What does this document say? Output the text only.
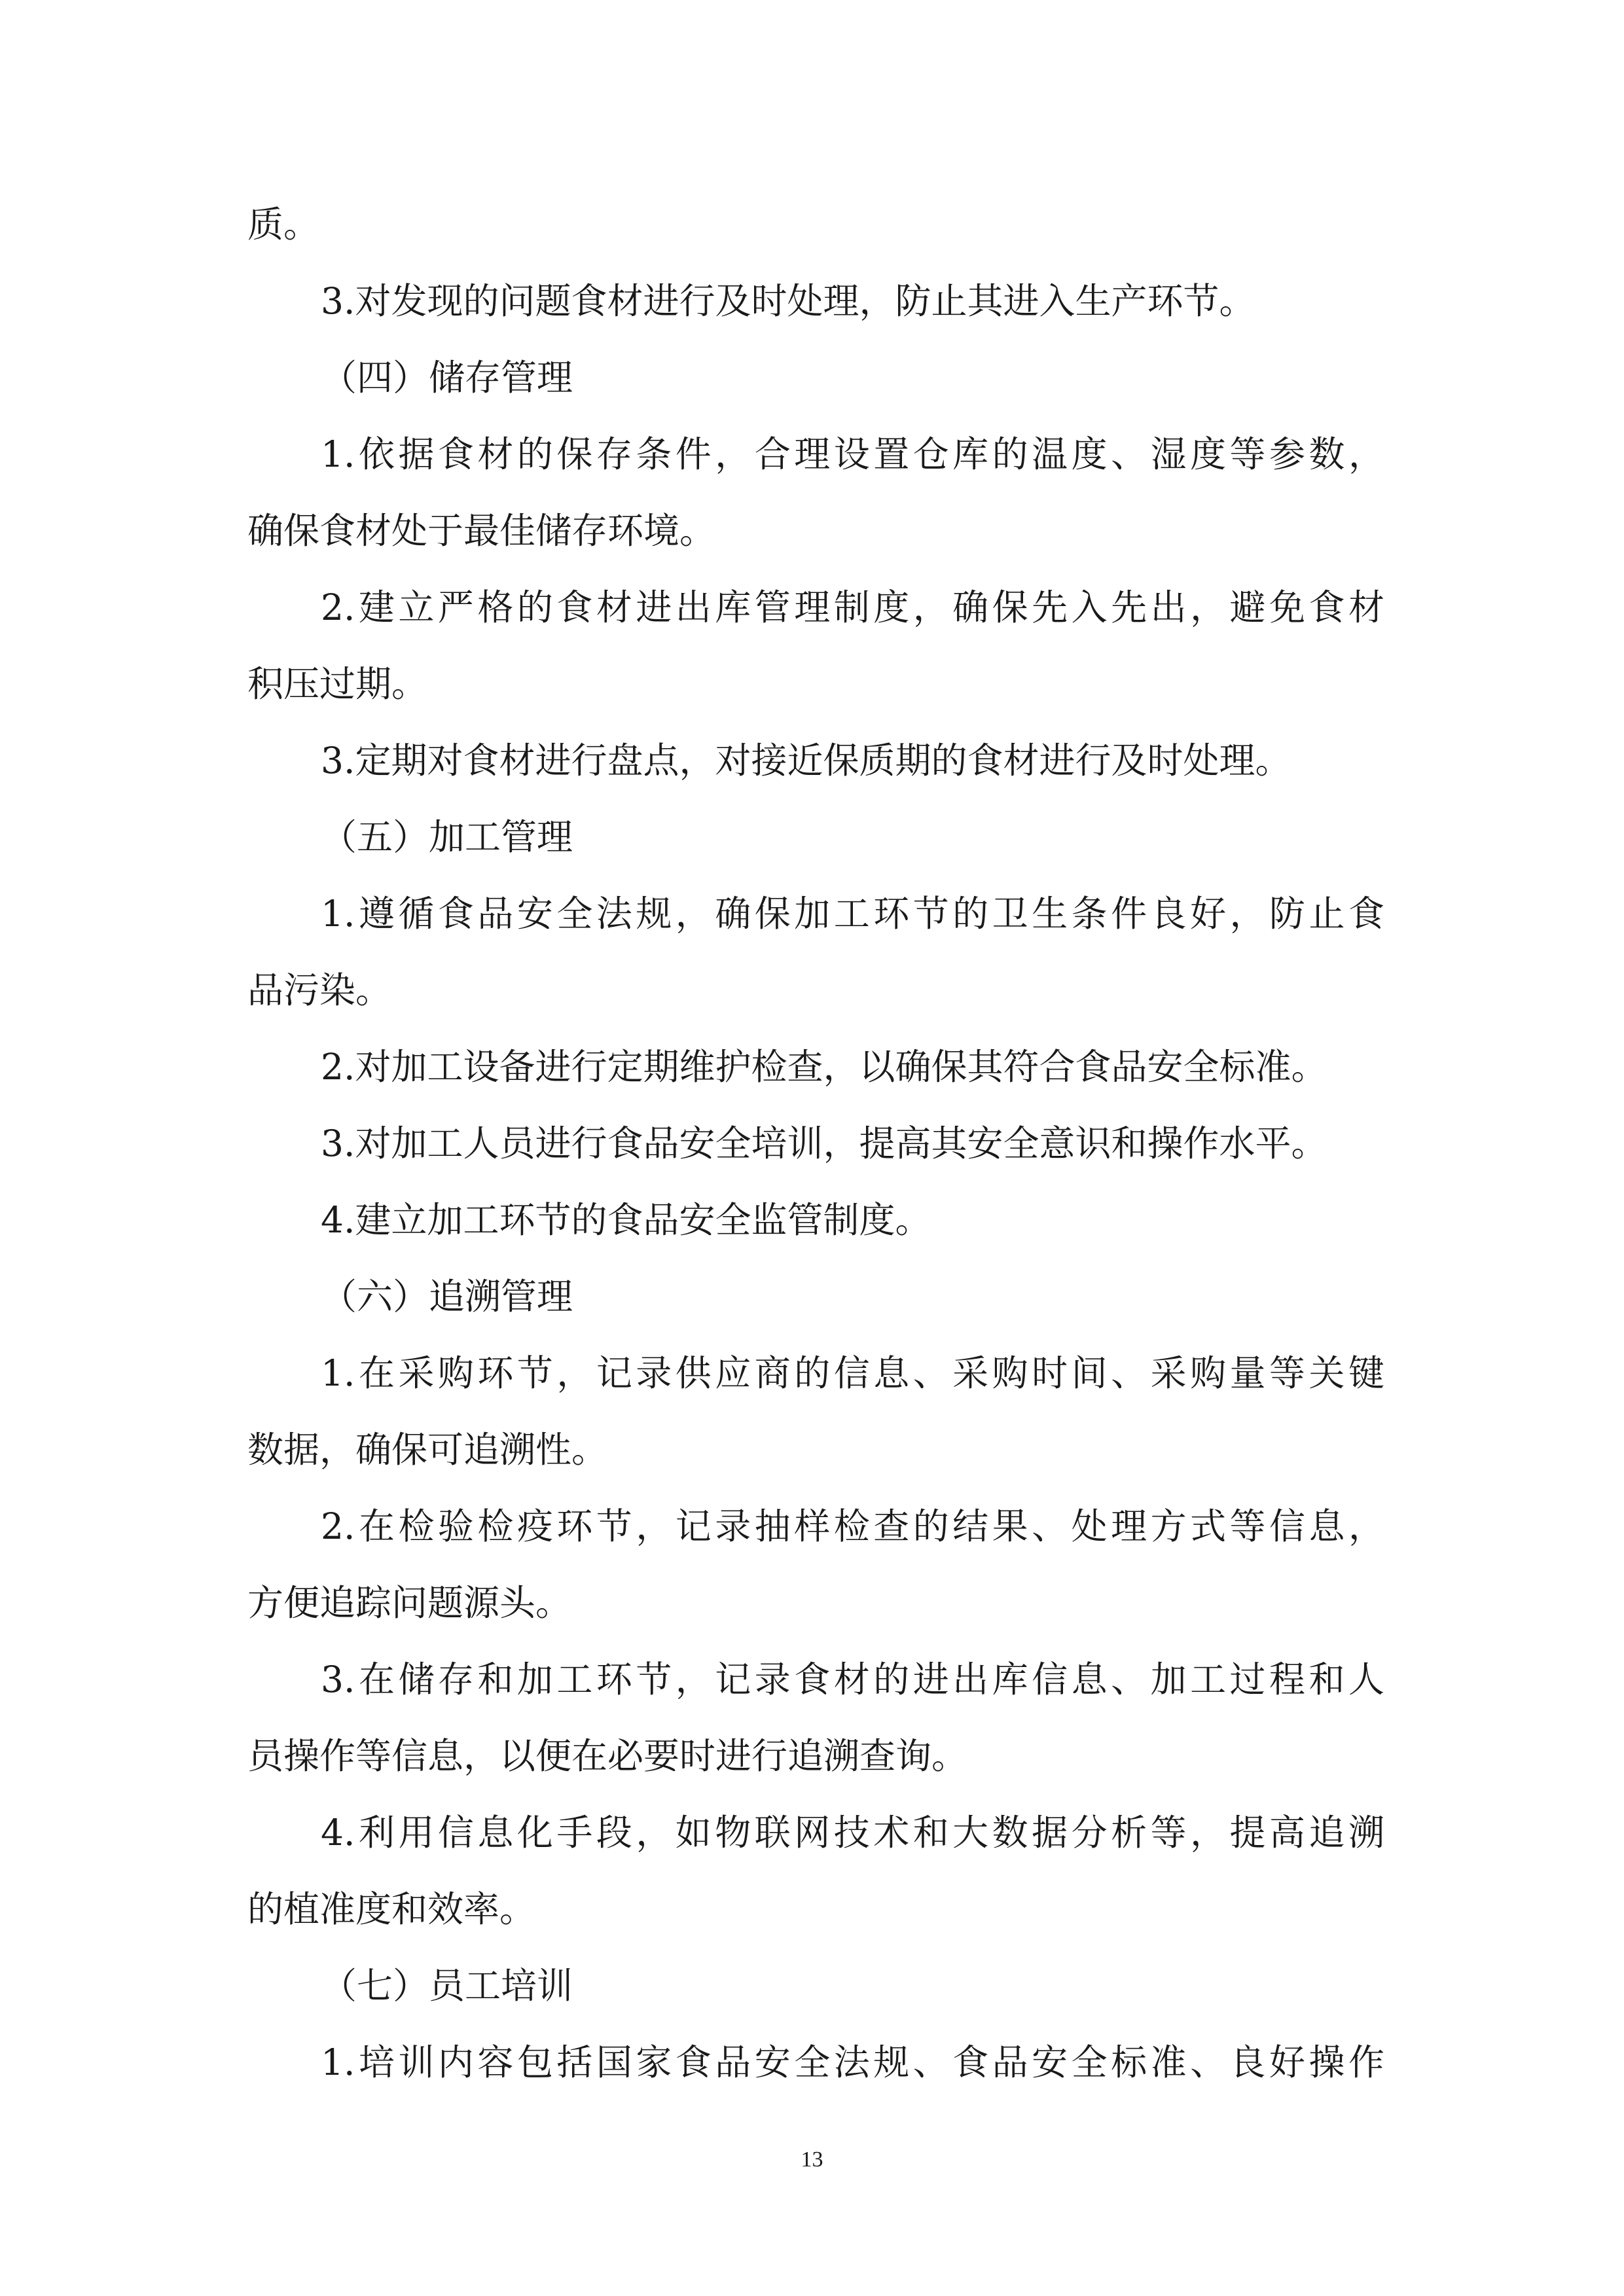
质。
3.对发现的问题食材进行及时处理，防止其进入生产环节。
（四）储存管理
1.依据食材的保存条件，合理设置仓库的温度、湿度等参数，
确保食材处于最佳储存环境。
2.建立严格的食材进出库管理制度，确保先入先出，避免食材
积压过期。
3.定期对食材进行盘点，对接近保质期的食材进行及时处理。
（五）加工管理
1.遵循食品安全法规，确保加工环节的卫生条件良好，防止食
品污染。
2.对加工设备进行定期维护检查，以确保其符合食品安全标准。
3.对加工人员进行食品安全培训，提高其安全意识和操作水平。
4.建立加工环节的食品安全监管制度。
（六）追溯管理
1.在采购环节，记录供应商的信息、采购时间、采购量等关键
数据，确保可追溯性。
2.在检验检疫环节，记录抽样检查的结果、处理方式等信息，
方便追踪问题源头。
3.在储存和加工环节，记录食材的进出库信息、加工过程和人
员操作等信息，以便在必要时进行追溯查询。
4.利用信息化手段，如物联网技术和大数据分析等，提高追溯
的植准度和效率。
（七）员工培训
1.培训内容包括国家食品安全法规、食品安全标准、良好操作
13
